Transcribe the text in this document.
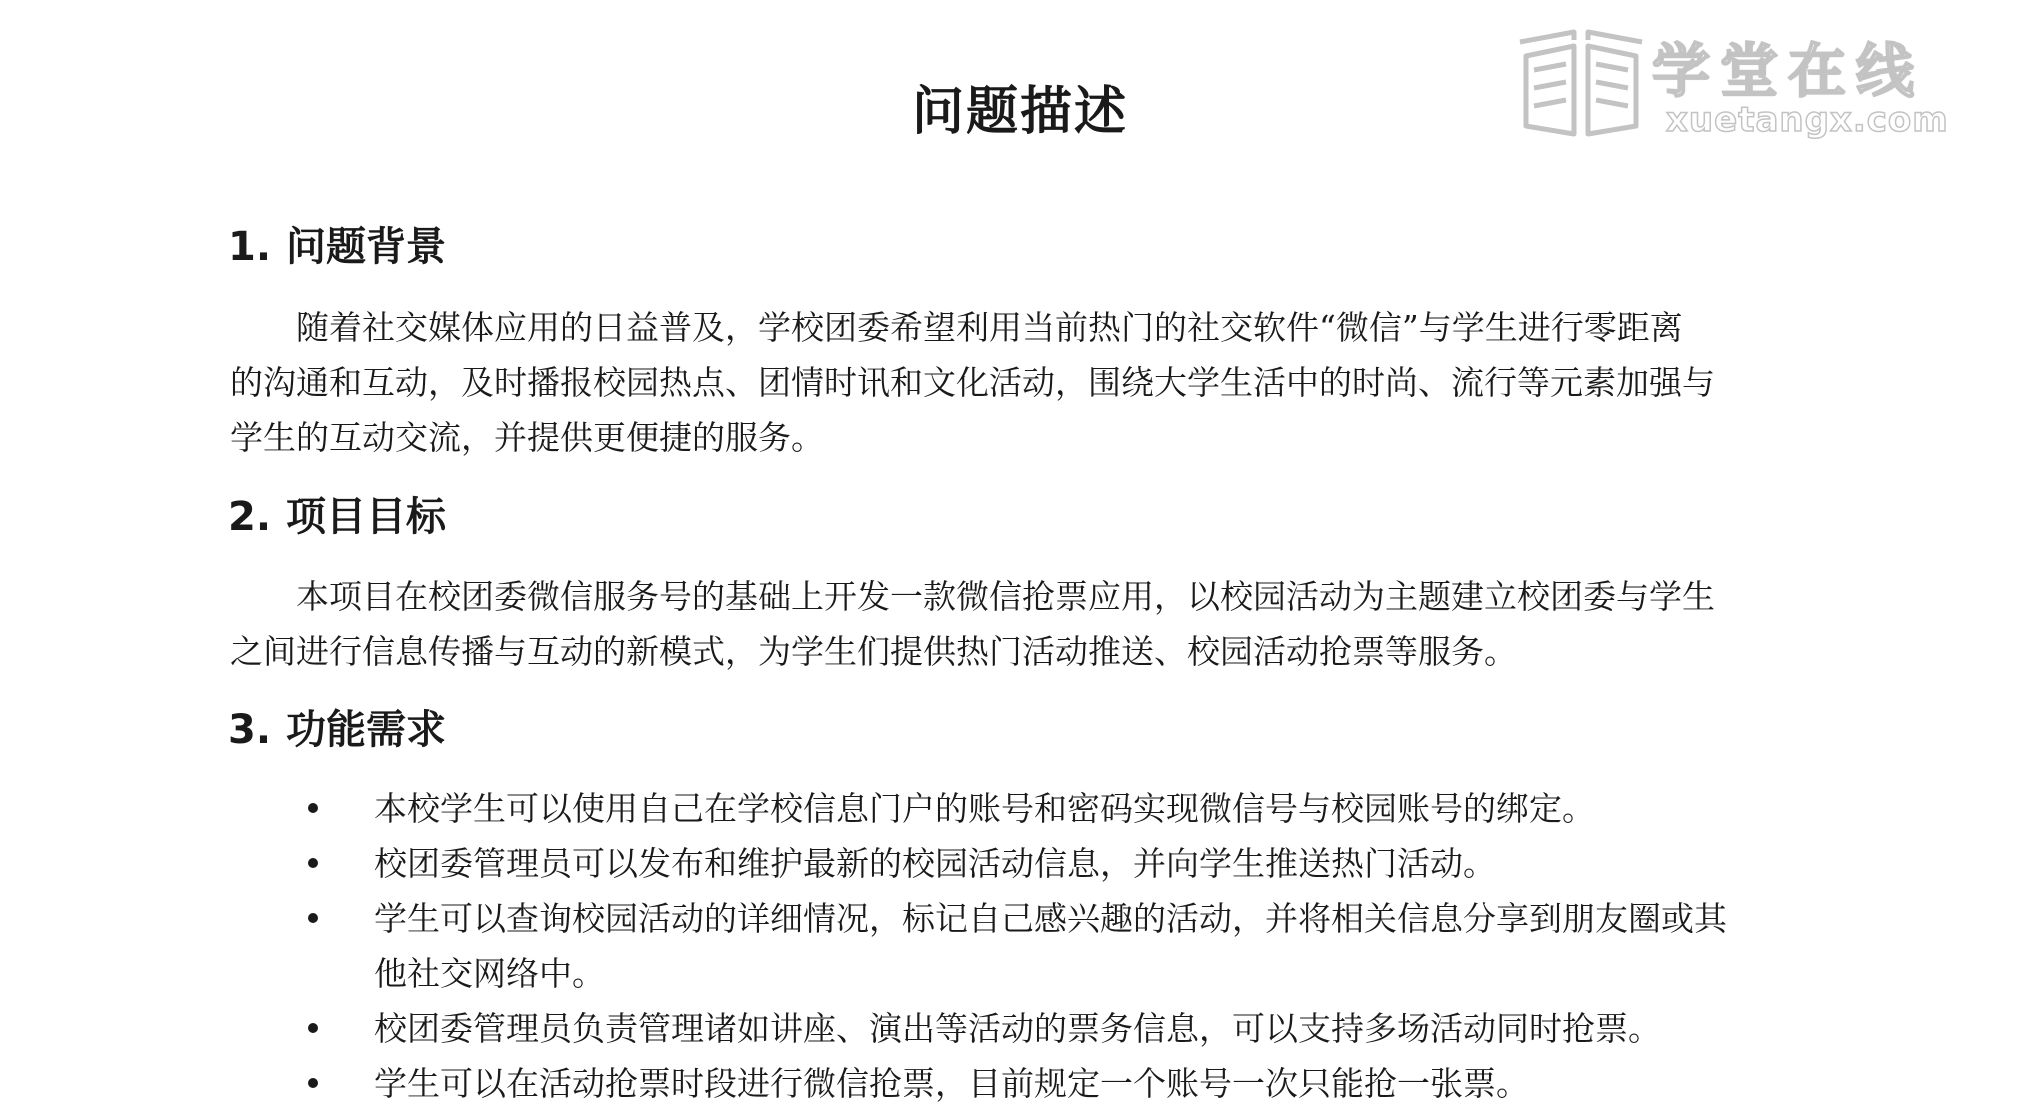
问题描述
1. 问题背景
随着社交媒体应用的日益普及，学校团委希望利用当前热门的社交软件“微信”与学生进行零距离
的沟通和互动，及时播报校园热点、团情时讯和文化活动，围绕大学生活中的时尚、流行等元素加强与
学生的互动交流，并提供更便捷的服务。
2. 项目目标
本项目在校团委微信服务号的基础上开发一款微信抢票应用，以校园活动为主题建立校团委与学生
之间进行信息传播与互动的新模式，为学生们提供热门活动推送、校园活动抢票等服务。
3. 功能需求
本校学生可以使用自己在学校信息门户的账号和密码实现微信号与校园账号的绑定。
校团委管理员可以发布和维护最新的校园活动信息，并向学生推送热门活动。
学生可以查询校园活动的详细情况，标记自己感兴趣的活动，并将相关信息分享到朋友圈或其
他社交网络中。
校团委管理员负责管理诸如讲座、演出等活动的票务信息，可以支持多场活动同时抢票。
学生可以在活动抢票时段进行微信抢票，目前规定一个账号一次只能抢一张票。
学堂在线
xuetangx.com
